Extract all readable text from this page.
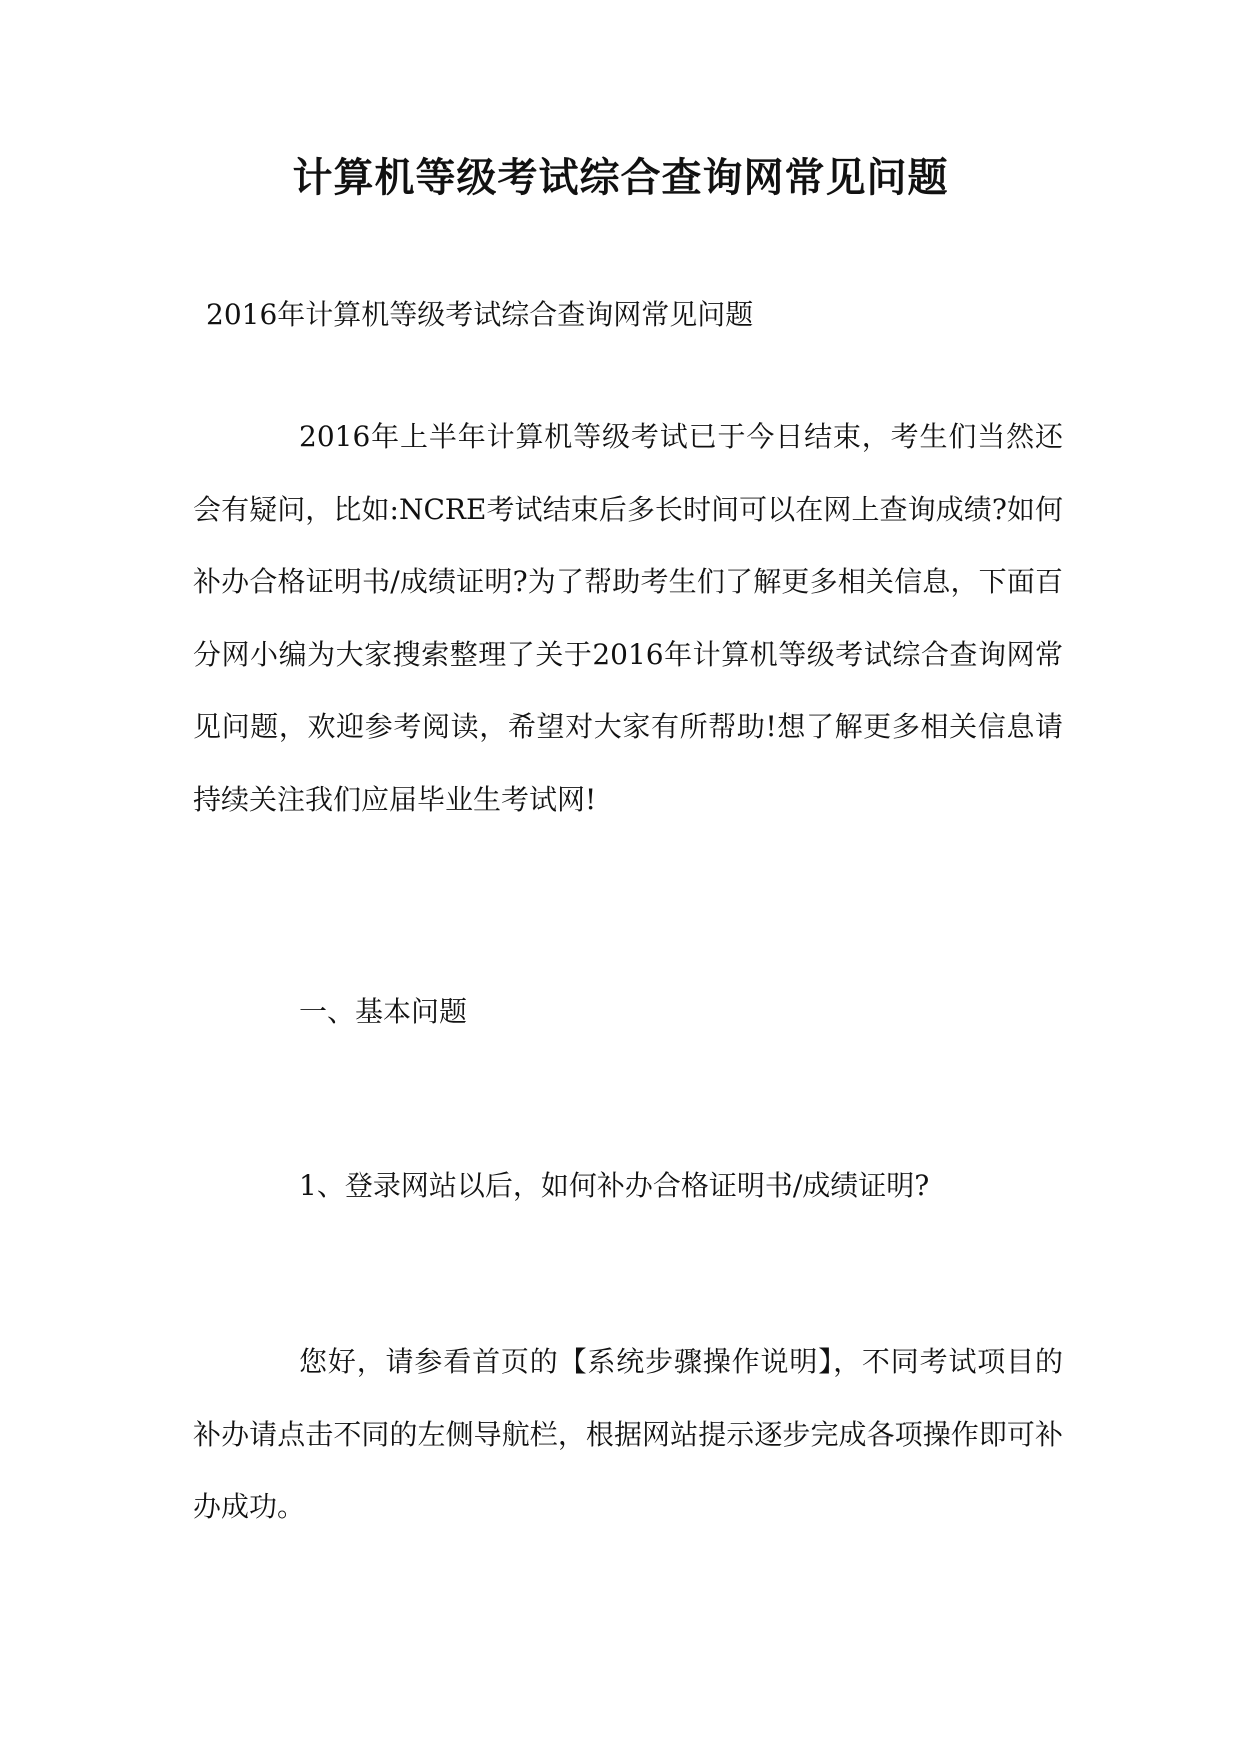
计算机等级考试综合查询网常见问题

2016年计算机等级考试综合查询网常见问题

2016年上半年计算机等级考试已于今日结束，考生们当然还会有疑问，比如:NCRE考试结束后多长时间可以在网上查询成绩?如何补办合格证明书/成绩证明?为了帮助考生们了解更多相关信息，下面百分网小编为大家搜索整理了关于2016年计算机等级考试综合查询网常见问题，欢迎参考阅读，希望对大家有所帮助!想了解更多相关信息请持续关注我们应届毕业生考试网!

一、基本问题

1、登录网站以后，如何补办合格证明书/成绩证明?

您好，请参看首页的【系统步骤操作说明】，不同考试项目的补办请点击不同的左侧导航栏，根据网站提示逐步完成各项操作即可补办成功。
